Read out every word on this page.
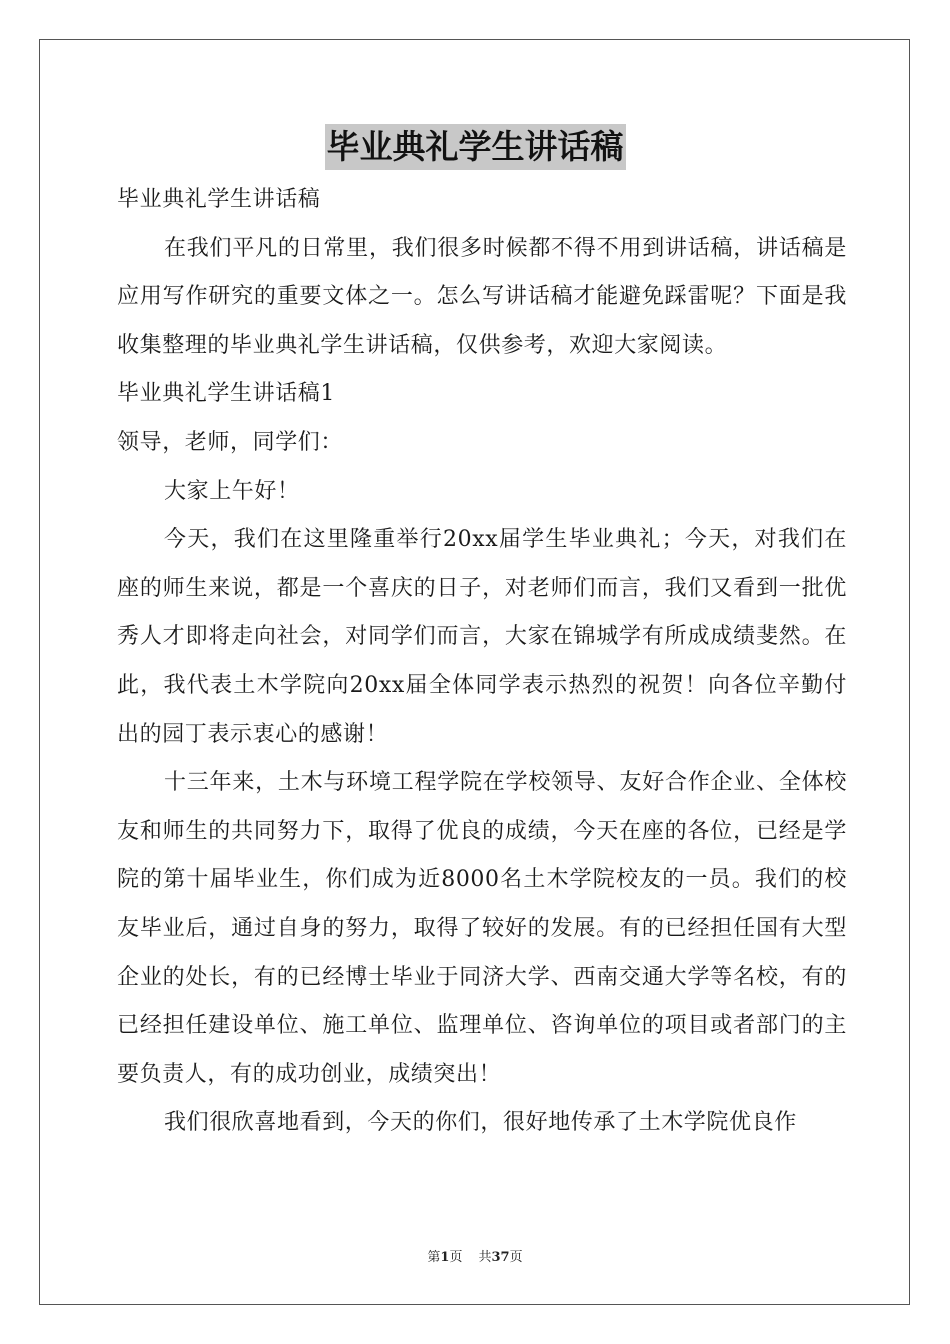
毕业典礼学生讲话稿

毕业典礼学生讲话稿

在我们平凡的日常里，我们很多时候都不得不用到讲话稿，讲话稿是应用写作研究的重要文体之一。怎么写讲话稿才能避免踩雷呢？下面是我收集整理的毕业典礼学生讲话稿，仅供参考，欢迎大家阅读。

毕业典礼学生讲话稿1

领导，老师，同学们：

大家上午好！

今天，我们在这里隆重举行20xx届学生毕业典礼；今天，对我们在座的师生来说，都是一个喜庆的日子，对老师们而言，我们又看到一批优秀人才即将走向社会，对同学们而言，大家在锦城学有所成成绩斐然。在此，我代表土木学院向20xx届全体同学表示热烈的祝贺！向各位辛勤付出的园丁表示衷心的感谢！

十三年来，土木与环境工程学院在学校领导、友好合作企业、全体校友和师生的共同努力下，取得了优良的成绩，今天在座的各位，已经是学院的第十届毕业生，你们成为近8000名土木学院校友的一员。我们的校友毕业后，通过自身的努力，取得了较好的发展。有的已经担任国有大型企业的处长，有的已经博士毕业于同济大学、西南交通大学等名校，有的已经担任建设单位、施工单位、监理单位、咨询单位的项目或者部门的主要负责人，有的成功创业，成绩突出！

我们很欣喜地看到，今天的你们，很好地传承了土木学院优良作

第1页 共37页
